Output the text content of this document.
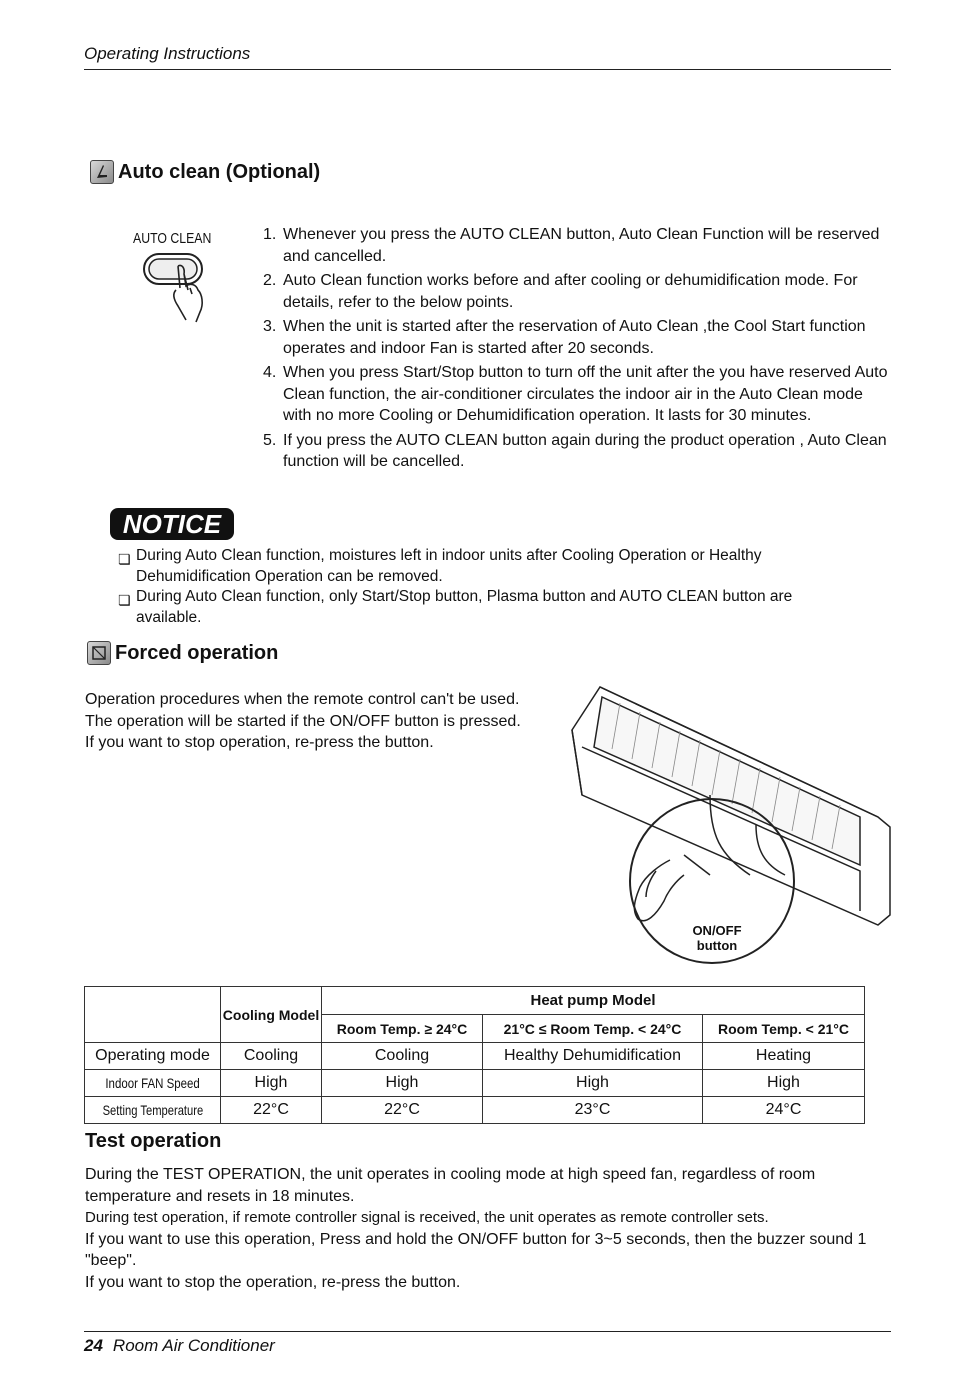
Operating Instructions
Auto clean (Optional)
AUTO CLEAN	1. Whenever you press the AUTO CLEAN button, Auto Clean Function will be reserved and cancelled.
2. Auto Clean function works before and after cooling or dehumidification mode. For details, refer to the below points.
3. When the unit is started after the reservation of Auto Clean ,the Cool Start function operates and indoor Fan is started after 20 seconds.
4. When you press Start/Stop button to turn off the unit after the you have reserved Auto Clean function, the air-conditioner circulates the indoor air in the Auto Clean mode with no more Cooling or Dehumidification operation. It lasts for 30 minutes.
5. If you press the AUTO CLEAN button again during the product operation , Auto Clean function will be cancelled.
NOTICE
❏ During Auto Clean function, moistures left in indoor units after Cooling Operation or Healthy Dehumidification Operation can be removed.
❏ During Auto Clean function, only Start/Stop button, Plasma button and AUTO CLEAN button are available.
Forced operation
Operation procedures when the remote control can't be used.
The operation will be started if the ON/OFF button is pressed.
If you want to stop operation, re-press the button.
ON/OFF
button
	Cooling Model	Heat pump Model		
		Room Temp. ≥ 24°C	21°C ≤ Room Temp. < 24°C	Room Temp. < 21°C
Operating mode	Cooling	Cooling	Healthy Dehumidification	Heating
Indoor FAN Speed	High	High	High	High
Setting Temperature	22°C	22°C	23°C	24°C
Test operation
During the TEST OPERATION, the unit operates in cooling mode at high speed fan, regardless of room temperature and resets in 18 minutes.
During test operation, if remote controller signal is received, the unit operates as remote controller sets.
If you want to use this operation, Press and hold the ON/OFF button for 3~5 seconds, then the buzzer sound 1 "beep".
If you want to stop the operation, re-press the button.
24 Room Air Conditioner
